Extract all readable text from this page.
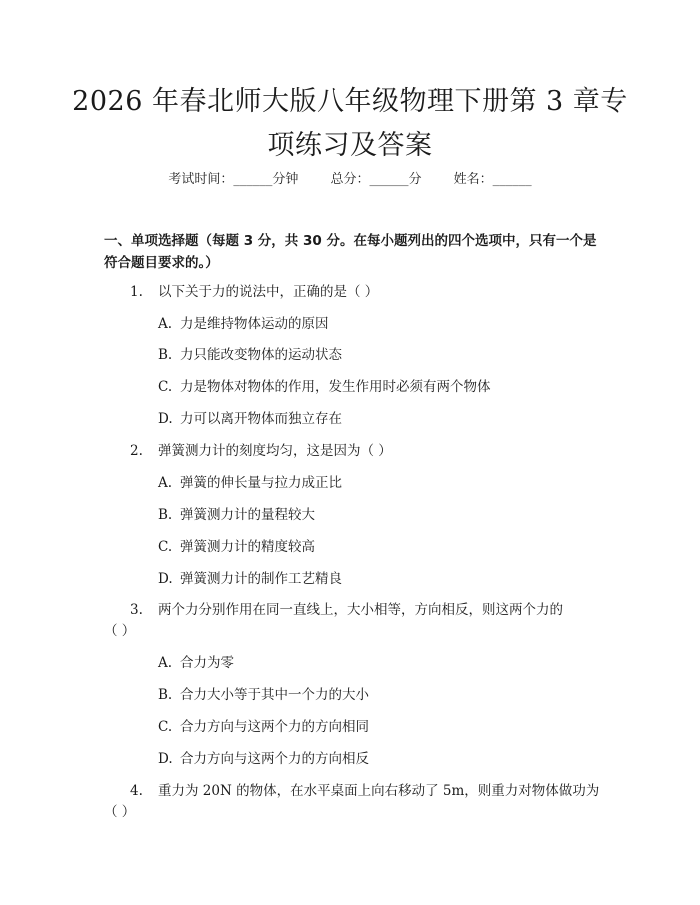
2026 年春北师大版八年级物理下册第 3 章专
项练习及答案
考试时间：______分钟 总分：______分 姓名：______
一、单项选择题（每题 3 分，共 30 分。在每小题列出的四个选项中，只有一个是
符合题目要求的。）
1.	以下关于力的说法中，正确的是（ ）
A. 力是维持物体运动的原因
B. 力只能改变物体的运动状态
C. 力是物体对物体的作用，发生作用时必须有两个物体
D. 力可以离开物体而独立存在
2.	弹簧测力计的刻度均匀，这是因为（ ）
A. 弹簧的伸长量与拉力成正比
B. 弹簧测力计的量程较大
C. 弹簧测力计的精度较高
D. 弹簧测力计的制作工艺精良
3.	两个力分别作用在同一直线上，大小相等，方向相反，则这两个力的
（ ）
A. 合力为零
B. 合力大小等于其中一个力的大小
C. 合力方向与这两个力的方向相同
D. 合力方向与这两个力的方向相反
4.	重力为 20N 的物体，在水平桌面上向右移动了 5m，则重力对物体做功为
（ ）
